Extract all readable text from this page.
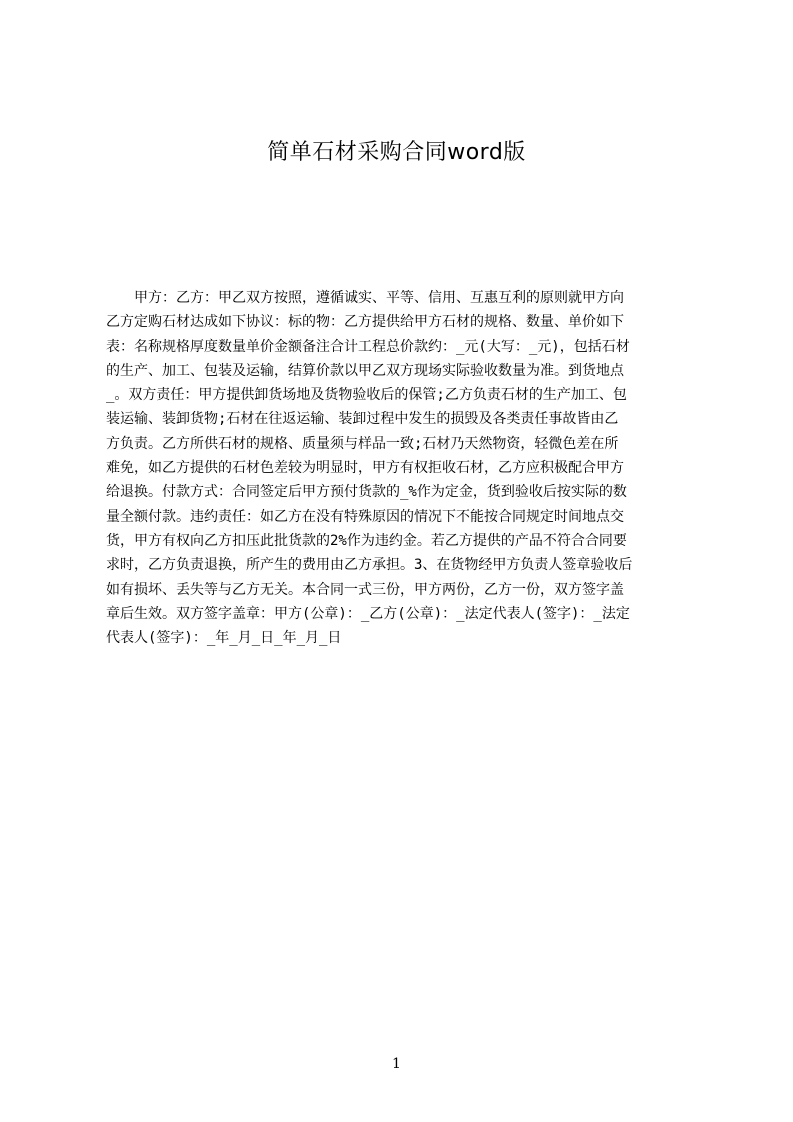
简单石材采购合同word版
　　甲方：乙方：甲乙双方按照，遵循诚实、平等、信用、互惠互利的原则就甲方向
乙方定购石材达成如下协议：标的物：乙方提供给甲方石材的规格、数量、单价如下
表：名称规格厚度数量单价金额备注合计工程总价款约：_元(大写：_元)，包括石材
的生产、加工、包装及运输，结算价款以甲乙双方现场实际验收数量为准。到货地点
_。双方责任：甲方提供卸货场地及货物验收后的保管;乙方负责石材的生产加工、包
装运输、装卸货物;石材在往返运输、装卸过程中发生的损毁及各类责任事故皆由乙
方负责。乙方所供石材的规格、质量须与样品一致;石材乃天然物资，轻微色差在所
难免，如乙方提供的石材色差较为明显时，甲方有权拒收石材，乙方应积极配合甲方
给退换。付款方式：合同签定后甲方预付货款的_%作为定金，货到验收后按实际的数
量全额付款。违约责任：如乙方在没有特殊原因的情况下不能按合同规定时间地点交
货，甲方有权向乙方扣压此批货款的2%作为违约金。若乙方提供的产品不符合合同要
求时，乙方负责退换，所产生的费用由乙方承担。3、在货物经甲方负责人签章验收后
如有损坏、丢失等与乙方无关。本合同一式三份，甲方两份，乙方一份，双方签字盖
章后生效。双方签字盖章：甲方(公章)：_乙方(公章)：_法定代表人(签字)：_法定
代表人(签字)：_年_月_日_年_月_日
1
